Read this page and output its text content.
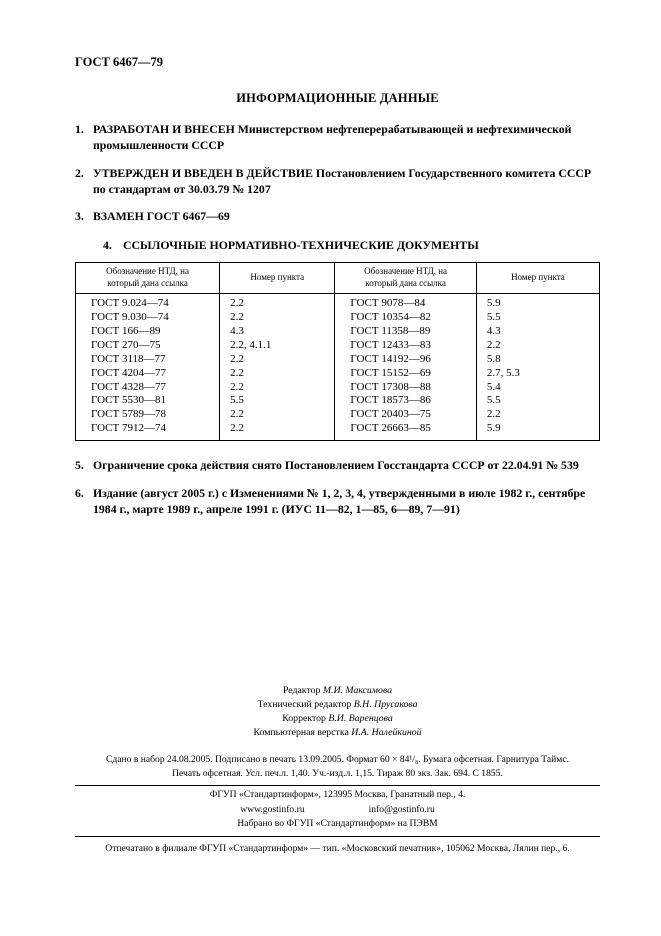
ГОСТ 6467—79
ИНФОРМАЦИОННЫЕ ДАННЫЕ
1. РАЗРАБОТАН И ВНЕСЕН Министерством нефтеперерабатывающей и нефтехимической промышленности СССР
2. УТВЕРЖДЕН И ВВЕДЕН В ДЕЙСТВИЕ Постановлением Государственного комитета СССР по стандартам от 30.03.79 № 1207
3. ВЗАМЕН ГОСТ 6467—69
4. ССЫЛОЧНЫЕ НОРМАТИВНО-ТЕХНИЧЕСКИЕ ДОКУМЕНТЫ
Обозначение НТД, на который дана ссылка	Номер пункта	Обозначение НТД, на который дана ссылка	Номер пункта
ГОСТ 9.024—74	2.2	ГОСТ 9078—84	5.9
ГОСТ 9.030—74	2.2	ГОСТ 10354—82	5.5
ГОСТ 166—89	4.3	ГОСТ 11358—89	4.3
ГОСТ 270—75	2.2, 4.1.1	ГОСТ 12433—83	2.2
ГОСТ 3118—77	2.2	ГОСТ 14192—96	5.8
ГОСТ 4204—77	2.2	ГОСТ 15152—69	2.7, 5.3
ГОСТ 4328—77	2.2	ГОСТ 17308—88	5.4
ГОСТ 5530—81	5.5	ГОСТ 18573—86	5.5
ГОСТ 5789—78	2.2	ГОСТ 20403—75	2.2
ГОСТ 7912—74	2.2	ГОСТ 26663—85	5.9
5. Ограничение срока действия снято Постановлением Госстандарта СССР от 22.04.91 № 539
6. Издание (август 2005 г.) с Изменениями № 1, 2, 3, 4, утвержденными в июле 1982 г., сентябре 1984 г., марте 1989 г., апреле 1991 г. (ИУС 11—82, 1—85, 6—89, 7—91)
Редактор М.И. Максимова
Технический редактор В.Н. Прусакова
Корректор В.И. Варенцова
Компьютерная верстка И.А. Налейкиной
Сдано в набор 24.08.2005. Подписано в печать 13.09.2005. Формат 60 × 84¹/₈. Бумага офсетная. Гарнитура Таймс.
Печать офсетная. Усл. печ.л. 1,40. Уч.-изд.л. 1,15. Тираж 80 экз. Зак. 694. С 1855.
ФГУП «Стандартинформ», 123995 Москва, Гранатный пер., 4.
www.gostinfo.ru	info@gostinfo.ru
Набрано во ФГУП «Стандартинформ» на ПЭВМ
Отпечатано в филиале ФГУП «Стандартинформ» — тип. «Московский печатник», 105062 Москва, Лялин пер., 6.
